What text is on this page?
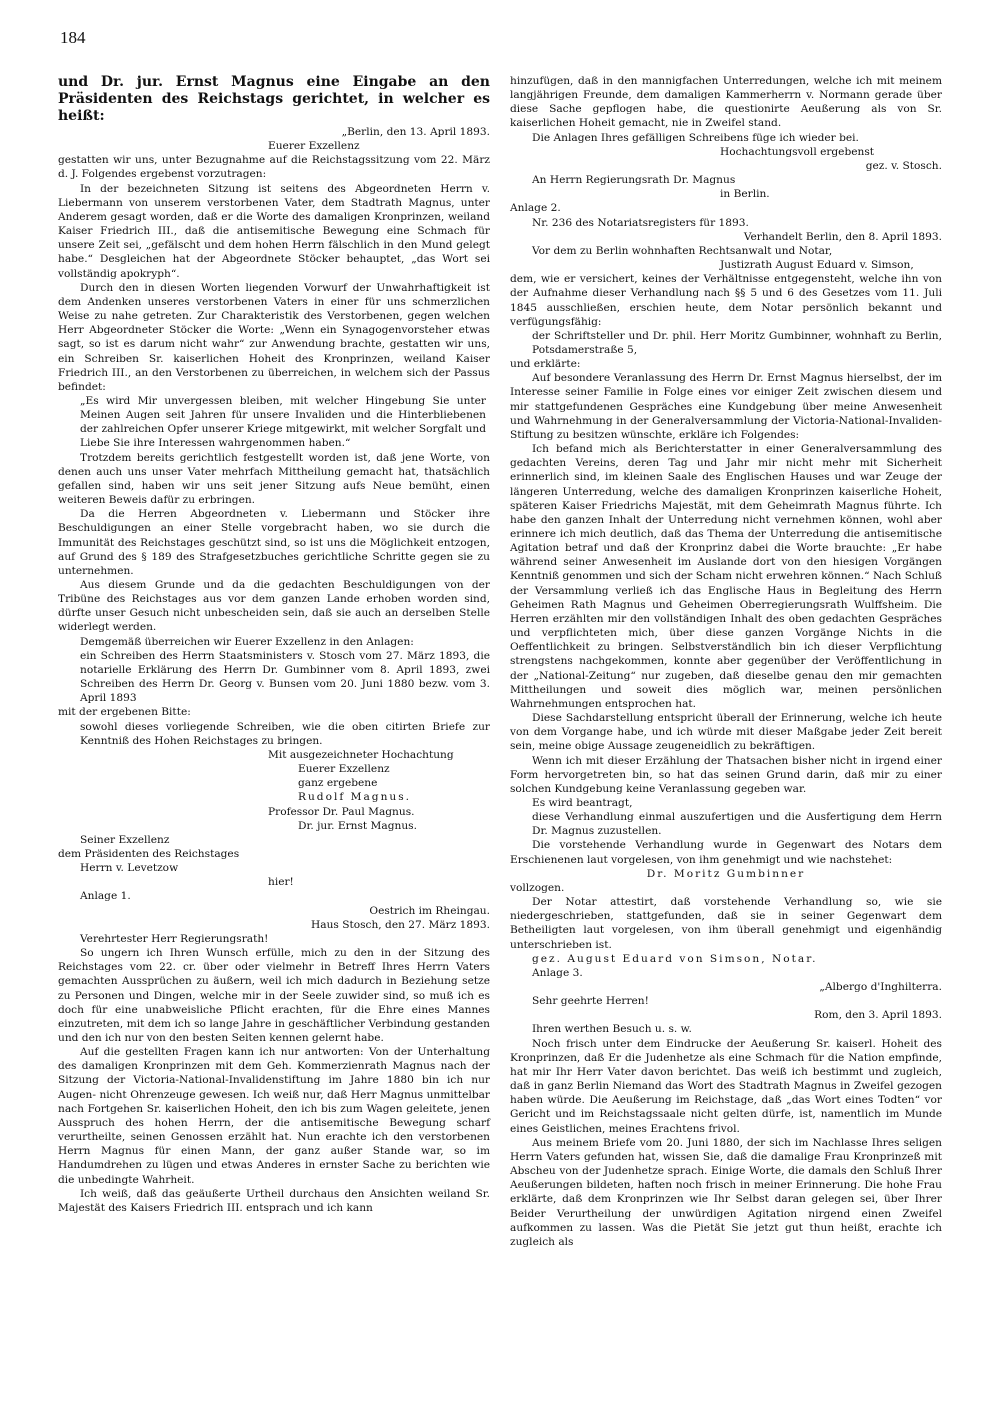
184

und Dr. jur. Ernst Magnus eine Eingabe an den Präsidenten des Reichstags gerichtet, in welcher es heißt:

„Berlin, den 13. April 1893.

Euerer Exzellenz

gestatten wir uns, unter Bezugnahme auf die Reichstagssitzung vom 22. März d. J. Folgendes ergebenst vorzutragen:

In der bezeichneten Sitzung ist seitens des Abgeordneten Herrn v. Liebermann von unserem verstorbenen Vater, dem Stadtrath Magnus, unter Anderem gesagt worden, daß er die Worte des damaligen Kronprinzen, weiland Kaiser Friedrich III., daß die antisemitische Bewegung eine Schmach für unsere Zeit sei, „gefälscht und dem hohen Herrn fälschlich in den Mund gelegt habe.“ Desgleichen hat der Abgeordnete Stöcker behauptet, „das Wort sei vollständig apokryph“.

Durch den in diesen Worten liegenden Vorwurf der Unwahrhaftigkeit ist dem Andenken unseres verstorbenen Vaters in einer für uns schmerzlichen Weise zu nahe getreten. Zur Charakteristik des Verstorbenen, gegen welchen Herr Abgeordneter Stöcker die Worte: „Wenn ein Synagogenvorsteher etwas sagt, so ist es darum nicht wahr“ zur Anwendung brachte, gestatten wir uns, ein Schreiben Sr. kaiserlichen Hoheit des Kronprinzen, weiland Kaiser Friedrich III., an den Verstorbenen zu überreichen, in welchem sich der Passus befindet:

„Es wird Mir unvergessen bleiben, mit welcher Hingebung Sie unter Meinen Augen seit Jahren für unsere Invaliden und die Hinterbliebenen der zahlreichen Opfer unserer Kriege mitgewirkt, mit welcher Sorgfalt und Liebe Sie ihre Interessen wahrgenommen haben.“

Trotzdem bereits gerichtlich festgestellt worden ist, daß jene Worte, von denen auch uns unser Vater mehrfach Mittheilung gemacht hat, thatsächlich gefallen sind, haben wir uns seit jener Sitzung aufs Neue bemüht, einen weiteren Beweis dafür zu erbringen.

Da die Herren Abgeordneten v. Liebermann und Stöcker ihre Beschuldigungen an einer Stelle vorgebracht haben, wo sie durch die Immunität des Reichstages geschützt sind, so ist uns die Möglichkeit entzogen, auf Grund des § 189 des Strafgesetzbuches gerichtliche Schritte gegen sie zu unternehmen.

Aus diesem Grunde und da die gedachten Beschuldigungen von der Tribüne des Reichstages aus vor dem ganzen Lande erhoben worden sind, dürfte unser Gesuch nicht unbescheiden sein, daß sie auch an derselben Stelle widerlegt werden.

Demgemäß überreichen wir Euerer Exzellenz in den Anlagen:

ein Schreiben des Herrn Staatsministers v. Stosch vom 27. März 1893, die notarielle Erklärung des Herrn Dr. Gumbinner vom 8. April 1893, zwei Schreiben des Herrn Dr. Georg v. Bunsen vom 20. Juni 1880 bezw. vom 3. April 1893

mit der ergebenen Bitte:

sowohl dieses vorliegende Schreiben, wie die oben citirten Briefe zur Kenntniß des Hohen Reichstages zu bringen.

Mit ausgezeichneter Hochachtung

Euerer Exzellenz

ganz ergebene

Rudolf Magnus.

Professor Dr. Paul Magnus.

Dr. jur. Ernst Magnus.

Seiner Exzellenz

dem Präsidenten des Reichstages

Herrn v. Levetzow

hier!

Anlage 1.

Oestrich im Rheingau.

Haus Stosch, den 27. März 1893.

Verehrtester Herr Regierungsrath!

So ungern ich Ihren Wunsch erfülle, mich zu den in der Sitzung des Reichstages vom 22. cr. über oder vielmehr in Betreff Ihres Herrn Vaters gemachten Aussprüchen zu äußern, weil ich mich dadurch in Beziehung setze zu Personen und Dingen, welche mir in der Seele zuwider sind, so muß ich es doch für eine unabweisliche Pflicht erachten, für die Ehre eines Mannes einzutreten, mit dem ich so lange Jahre in geschäftlicher Verbindung gestanden und den ich nur von den besten Seiten kennen gelernt habe.

Auf die gestellten Fragen kann ich nur antworten: Von der Unterhaltung des damaligen Kronprinzen mit dem Geh. Kommerzienrath Magnus nach der Sitzung der Victoria-National-Invalidenstiftung im Jahre 1880 bin ich nur Augen- nicht Ohrenzeuge gewesen. Ich weiß nur, daß Herr Magnus unmittelbar nach Fortgehen Sr. kaiserlichen Hoheit, den ich bis zum Wagen geleitete, jenen Ausspruch des hohen Herrn, der die antisemitische Bewegung scharf verurtheilte, seinen Genossen erzählt hat. Nun erachte ich den verstorbenen Herrn Magnus für einen Mann, der ganz außer Stande war, so im Handumdrehen zu lügen und etwas Anderes in ernster Sache zu berichten wie die unbedingte Wahrheit.

Ich weiß, daß das geäußerte Urtheil durchaus den Ansichten weiland Sr. Majestät des Kaisers Friedrich III. entsprach und ich kann

hinzufügen, daß in den mannigfachen Unterredungen, welche ich mit meinem langjährigen Freunde, dem damaligen Kammerherrn v. Normann gerade über diese Sache gepflogen habe, die questionirte Aeußerung als von Sr. kaiserlichen Hoheit gemacht, nie in Zweifel stand.

Die Anlagen Ihres gefälligen Schreibens füge ich wieder bei.

Hochachtungsvoll ergebenst

gez. v. Stosch.

An Herrn Regierungsrath Dr. Magnus

in Berlin.

Anlage 2.

Nr. 236 des Notariatsregisters für 1893.

Verhandelt Berlin, den 8. April 1893.

Vor dem zu Berlin wohnhaften Rechtsanwalt und Notar,

Justizrath August Eduard v. Simson,

dem, wie er versichert, keines der Verhältnisse entgegensteht, welche ihn von der Aufnahme dieser Verhandlung nach §§ 5 und 6 des Gesetzes vom 11. Juli 1845 ausschließen, erschien heute, dem Notar persönlich bekannt und verfügungsfähig:

der Schriftsteller und Dr. phil. Herr Moritz Gumbinner, wohnhaft zu Berlin, Potsdamerstraße 5,

und erklärte:

Auf besondere Veranlassung des Herrn Dr. Ernst Magnus hierselbst, der im Interesse seiner Familie in Folge eines vor einiger Zeit zwischen diesem und mir stattgefundenen Gespräches eine Kundgebung über meine Anwesenheit und Wahrnehmung in der Generalversammlung der Victoria-National-Invaliden-Stiftung zu besitzen wünschte, erkläre ich Folgendes:

Ich befand mich als Berichterstatter in einer Generalversammlung des gedachten Vereins, deren Tag und Jahr mir nicht mehr mit Sicherheit erinnerlich sind, im kleinen Saale des Englischen Hauses und war Zeuge der längeren Unterredung, welche des damaligen Kronprinzen kaiserliche Hoheit, späteren Kaiser Friedrichs Majestät, mit dem Geheimrath Magnus führte. Ich habe den ganzen Inhalt der Unterredung nicht vernehmen können, wohl aber erinnere ich mich deutlich, daß das Thema der Unterredung die antisemitische Agitation betraf und daß der Kronprinz dabei die Worte brauchte: „Er habe während seiner Anwesenheit im Auslande dort von den hiesigen Vorgängen Kenntniß genommen und sich der Scham nicht erwehren können.“ Nach Schluß der Versammlung verließ ich das Englische Haus in Begleitung des Herrn Geheimen Rath Magnus und Geheimen Oberregierungsrath Wulffsheim. Die Herren erzählten mir den vollständigen Inhalt des oben gedachten Gespräches und verpflichteten mich, über diese ganzen Vorgänge Nichts in die Oeffentlichkeit zu bringen. Selbstverständlich bin ich dieser Verpflichtung strengstens nachgekommen, konnte aber gegenüber der Veröffentlichung in der „National-Zeitung“ nur zugeben, daß dieselbe genau den mir gemachten Mittheilungen und soweit dies möglich war, meinen persönlichen Wahrnehmungen entsprochen hat.

Diese Sachdarstellung entspricht überall der Erinnerung, welche ich heute von dem Vorgange habe, und ich würde mit dieser Maßgabe jeder Zeit bereit sein, meine obige Aussage zeugeneidlich zu bekräftigen.

Wenn ich mit dieser Erzählung der Thatsachen bisher nicht in irgend einer Form hervorgetreten bin, so hat das seinen Grund darin, daß mir zu einer solchen Kundgebung keine Veranlassung gegeben war.

Es wird beantragt,

diese Verhandlung einmal auszufertigen und die Ausfertigung dem Herrn Dr. Magnus zuzustellen.

Die vorstehende Verhandlung wurde in Gegenwart des Notars dem Erschienenen laut vorgelesen, von ihm genehmigt und wie nachstehet:

Dr. Moritz Gumbinner

vollzogen.

Der Notar attestirt, daß vorstehende Verhandlung so, wie sie niedergeschrieben, stattgefunden, daß sie in seiner Gegenwart dem Betheiligten laut vorgelesen, von ihm überall genehmigt und eigenhändig unterschrieben ist.

gez. August Eduard von Simson, Notar.

Anlage 3.

„Albergo d'Inghilterra.

Sehr geehrte Herren!

Rom, den 3. April 1893.

Ihren werthen Besuch u. s. w.

Noch frisch unter dem Eindrucke der Aeußerung Sr. kaiserl. Hoheit des Kronprinzen, daß Er die Judenhetze als eine Schmach für die Nation empfinde, hat mir Ihr Herr Vater davon berichtet. Das weiß ich bestimmt und zugleich, daß in ganz Berlin Niemand das Wort des Stadtrath Magnus in Zweifel gezogen haben würde. Die Aeußerung im Reichstage, daß „das Wort eines Todten“ vor Gericht und im Reichstagssaale nicht gelten dürfe, ist, namentlich im Munde eines Geistlichen, meines Erachtens frivol.

Aus meinem Briefe vom 20. Juni 1880, der sich im Nachlasse Ihres seligen Herrn Vaters gefunden hat, wissen Sie, daß die damalige Frau Kronprinzeß mit Abscheu von der Judenhetze sprach. Einige Worte, die damals den Schluß Ihrer Aeußerungen bildeten, haften noch frisch in meiner Erinnerung. Die hohe Frau erklärte, daß dem Kronprinzen wie Ihr Selbst daran gelegen sei, über Ihrer Beider Verurtheilung der unwürdigen Agitation nirgend einen Zweifel aufkommen zu lassen. Was die Pietät Sie jetzt gut thun heißt, erachte ich zugleich als
